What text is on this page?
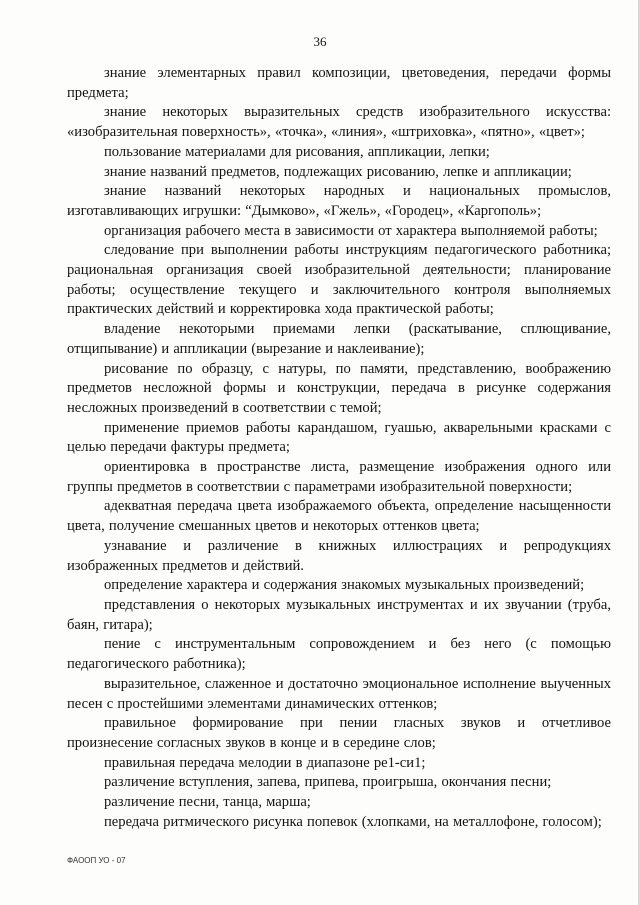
36

знание элементарных правил композиции, цветоведения, передачи формы предмета;

знание некоторых выразительных средств изобразительного искусства: «изобразительная поверхность», «точка», «линия», «штриховка», «пятно», «цвет»;

пользование материалами для рисования, аппликации, лепки;

знание названий предметов, подлежащих рисованию, лепке и аппликации;

знание названий некоторых народных и национальных промыслов, изготавливающих игрушки: “Дымково», «Гжель», «Городец», «Каргополь»;

организация рабочего места в зависимости от характера выполняемой работы;

следование при выполнении работы инструкциям педагогического работника; рациональная организация своей изобразительной деятельности; планирование работы; осуществление текущего и заключительного контроля выполняемых практических действий и корректировка хода практической работы;

владение некоторыми приемами лепки (раскатывание, сплющивание, отщипывание) и аппликации (вырезание и наклеивание);

рисование по образцу, с натуры, по памяти, представлению, воображению предметов несложной формы и конструкции, передача в рисунке содержания несложных произведений в соответствии с темой;

применение приемов работы карандашом, гуашью, акварельными красками с целью передачи фактуры предмета;

ориентировка в пространстве листа, размещение изображения одного или группы предметов в соответствии с параметрами изобразительной поверхности;

адекватная передача цвета изображаемого объекта, определение насыщенности цвета, получение смешанных цветов и некоторых оттенков цвета;

узнавание и различение в книжных иллюстрациях и репродукциях изображенных предметов и действий.

определение характера и содержания знакомых музыкальных произведений;

представления о некоторых музыкальных инструментах и их звучании (труба, баян, гитара);

пение с инструментальным сопровождением и без него (с помощью педагогического работника);

выразительное, слаженное и достаточно эмоциональное исполнение выученных песен с простейшими элементами динамических оттенков;

правильное формирование при пении гласных звуков и отчетливое произнесение согласных звуков в конце и в середине слов;

правильная передача мелодии в диапазоне ре1-си1;

различение вступления, запева, припева, проигрыша, окончания песни;

различение песни, танца, марша;

передача ритмического рисунка попевок (хлопками, на металлофоне, голосом);

ФАООП УО - 07
